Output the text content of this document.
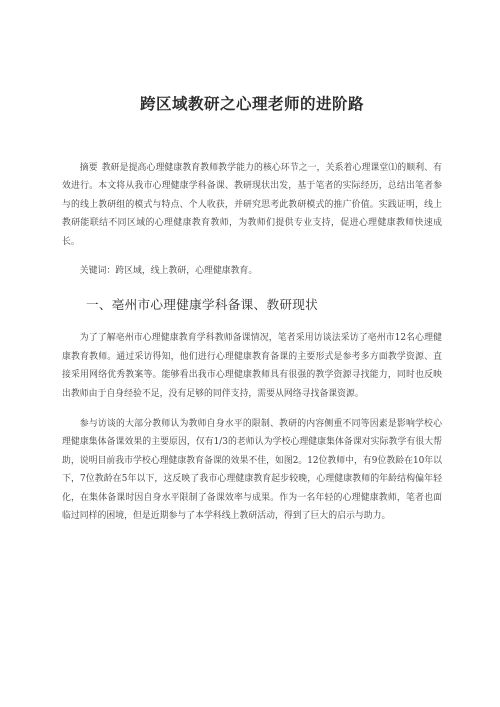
跨区域教研之心理老师的进阶路

摘要 教研是提高心理健康教育教师教学能力的核心环节之一，关系着心理课堂⑴的顺利、有效进行。本文将从我市心理健康学科备课、教研现状出发，基于笔者的实际经历，总结出笔者参与的线上教研组的模式与特点、个人收获，并研究思考此教研模式的推广价值。实践证明，线上教研能联结不同区域的心理健康教育教师，为教师们提供专业支持，促进心理健康教师快速成长。

关键词：跨区域，线上教研，心理健康教育。

一、亳州市心理健康学科备课、教研现状

为了了解亳州市心理健康教育学科教师备课情况，笔者采用访谈法采访了亳州市12名心理健康教育教师。通过采访得知，他们进行心理健康教育备课的主要形式是参考多方面教学资源、直接采用网络优秀教案等。能够看出我市心理健康教师具有很强的教学资源寻找能力，同时也反映出教师由于自身经验不足，没有足够的同伴支持，需要从网络寻找备课资源。

参与访谈的大部分教师认为教师自身水平的限制、教研的内容侧重不同等因素是影响学校心理健康集体备课效果的主要原因，仅有1/3的老师认为学校心理健康集体备课对实际教学有很大帮助，说明目前我市学校心理健康教育备课的效果不佳，如图2。12位教师中，有9位教龄在10年以下，7位教龄在5年以下，这反映了我市心理健康教育起步较晚，心理健康教师的年龄结构偏年轻化，在集体备课时因自身水平限制了备课效率与成果。作为一名年轻的心理健康教师，笔者也面临过同样的困境，但是近期参与了本学科线上教研活动，得到了巨大的启示与助力。
